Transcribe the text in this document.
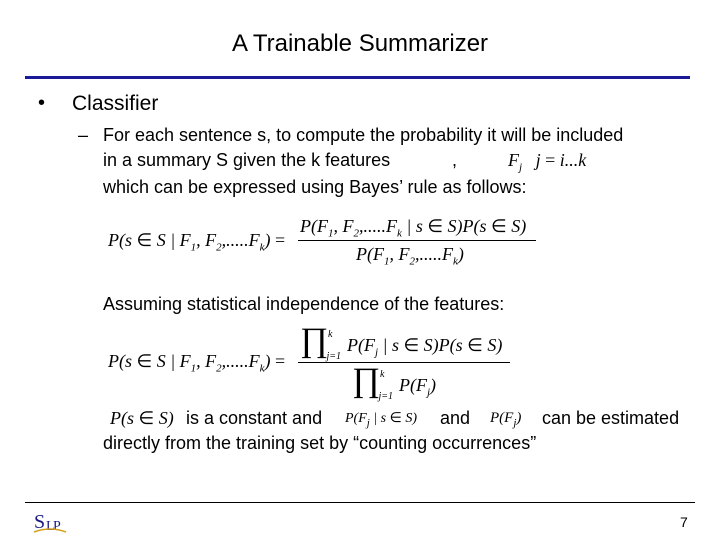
A Trainable Summarizer
• Classifier
– For each sentence s, to compute the probability it will be included
in a summary S given the k features	,	$F_j$   j = i...k
which can be expressed using Bayes’ rule as follows:
P(s ∈ S | $F_1$, $F_2,.....F_k$) =
$P(F_1$, $F_2,.....F_k$ | s ∈ S)P(s ∈ S)
$P(F_1$, $F_2,.....F_k$)
Assuming statistical independence of the features:
P(s ∈ S | $F_1$, $F_2,.....F_k$) =
$\prod^k_{j=1}P(F_j$ | s ∈ S)P(s ∈ S)
$\prod^k_{j=1}P(F_j)$
P(s ∈ S) is a constant and $P(F_j$ | s ∈ S) and $P(F_j)$ can be estimated
directly from the training set by “counting occurrences”
S L
P	7
